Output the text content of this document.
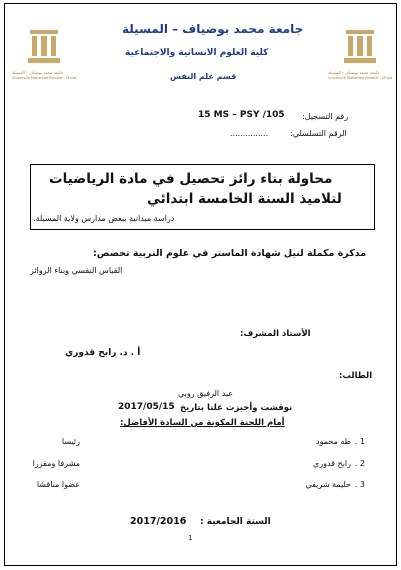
جامعة محمد بوضياف - المسيلة
Université Mohamed Boudiaf - M'sila
جامعة محمد بوضياف - المسيلة
Université Mohamed Boudiaf - M'sila
جامعة محمد بوضياف – المسيلة
كلية العلوم الانسانية والاجتماعية
قسم علم النفس
رقم التسجيل:
15 MS – PSY /105
الرقم التسلسلي:
...............
محاولة بناء رائز تحصيل في مادة الرياضيات
لتلاميذ السنة الخامسة ابتدائي
دراسة ميدانية ببعض مدارس ولاية المسيلة.
مذكرة مكملة لنيل شهادة الماستر في علوم التربية تخصص:
القياس النفسي وبناء الروائز
الأستاذ المشرف:
أ . د. رابح قدوري
الطالب:
عبد الرفيق روبي
نوقشت وأجيزت علنا بتاريخ
2017/05/15
أمام اللجنة المكونة من السادة الأفاضل:
1 .
طه محمود
رئيسا
2 .
رابح قدوري
مشرفا ومقررا
3 .
حليمة شريفي
عضوا مناقشا
السنة الجامعية :
2017/2016
1
